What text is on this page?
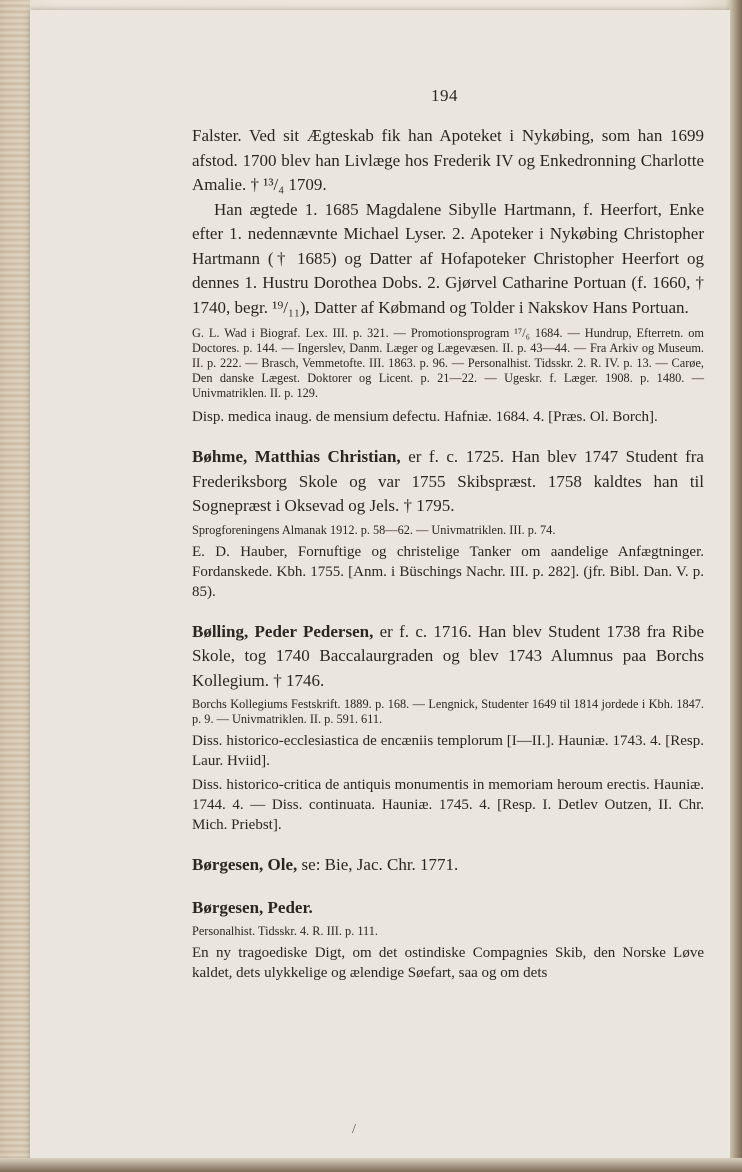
194

Falster. Ved sit Ægteskab fik han Apoteket i Nykøbing, som han 1699 afstod. 1700 blev han Livlæge hos Frederik IV og Enkedronning Charlotte Amalie. † ¹³/₄ 1709.

Han ægtede 1. 1685 Magdalene Sibylle Hartmann, f. Heerfort, Enke efter 1. nedennævnte Michael Lyser. 2. Apoteker i Nykøbing Christopher Hartmann († 1685) og Datter af Hofapoteker Christopher Heerfort og dennes 1. Hustru Dorothea Dobs. 2. Gjørvel Catharine Portuan (f. 1660, † 1740, begr. ¹⁹/₁₁), Datter af Købmand og Tolder i Nakskov Hans Portuan.

G. L. Wad i Biograf. Lex. III. p. 321. — Promotionsprogram ¹⁷/₆ 1684. — Hundrup, Efterretn. om Doctores. p. 144. — Ingerslev, Danm. Læger og Lægevæsen. II. p. 43—44. — Fra Arkiv og Museum. II. p. 222. — Brasch, Vemmetofte. III. 1863. p. 96. — Personalhist. Tidsskr. 2. R. IV. p. 13. — Carøe, Den danske Lægest. Doktorer og Licent. p. 21—22. — Ugeskr. f. Læger. 1908. p. 1480. — Univmatriklen. II. p. 129.

Disp. medica inaug. de mensium defectu. Hafniæ. 1684. 4. [Præs. Ol. Borch].

Bøhme, Matthias Christian, er f. c. 1725. Han blev 1747 Student fra Frederiksborg Skole og var 1755 Skibspræst. 1758 kaldtes han til Sognepræst i Oksevad og Jels. † 1795.

Sprogforeningens Almanak 1912. p. 58—62. — Univmatriklen. III. p. 74.

E. D. Hauber, Fornuftige og christelige Tanker om aandelige Anfægtninger. Fordanskede. Kbh. 1755. [Anm. i Büschings Nachr. III. p. 282]. (jfr. Bibl. Dan. V. p. 85).

Bølling, Peder Pedersen, er f. c. 1716. Han blev Student 1738 fra Ribe Skole, tog 1740 Baccalaurgraden og blev 1743 Alumnus paa Borchs Kollegium. † 1746.

Borchs Kollegiums Festskrift. 1889. p. 168. — Lengnick, Studenter 1649 til 1814 jordede i Kbh. 1847. p. 9. — Univmatriklen. II. p. 591. 611.

Diss. historico-ecclesiastica de encæniis templorum [I—II.]. Hauniæ. 1743. 4. [Resp. Laur. Hviid].

Diss. historico-critica de antiquis monumentis in memoriam heroum erectis. Hauniæ. 1744. 4. — Diss. continuata. Hauniæ. 1745. 4. [Resp. I. Detlev Outzen, II. Chr. Mich. Priebst].

Børgesen, Ole, se: Bie, Jac. Chr. 1771.

Børgesen, Peder.

Personalhist. Tidsskr. 4. R. III. p. 111.

En ny tragoediske Digt, om det ostindiske Compagnies Skib, den Norske Løve kaldet, dets ulykkelige og ælendige Søefart, saa og om dets

/
